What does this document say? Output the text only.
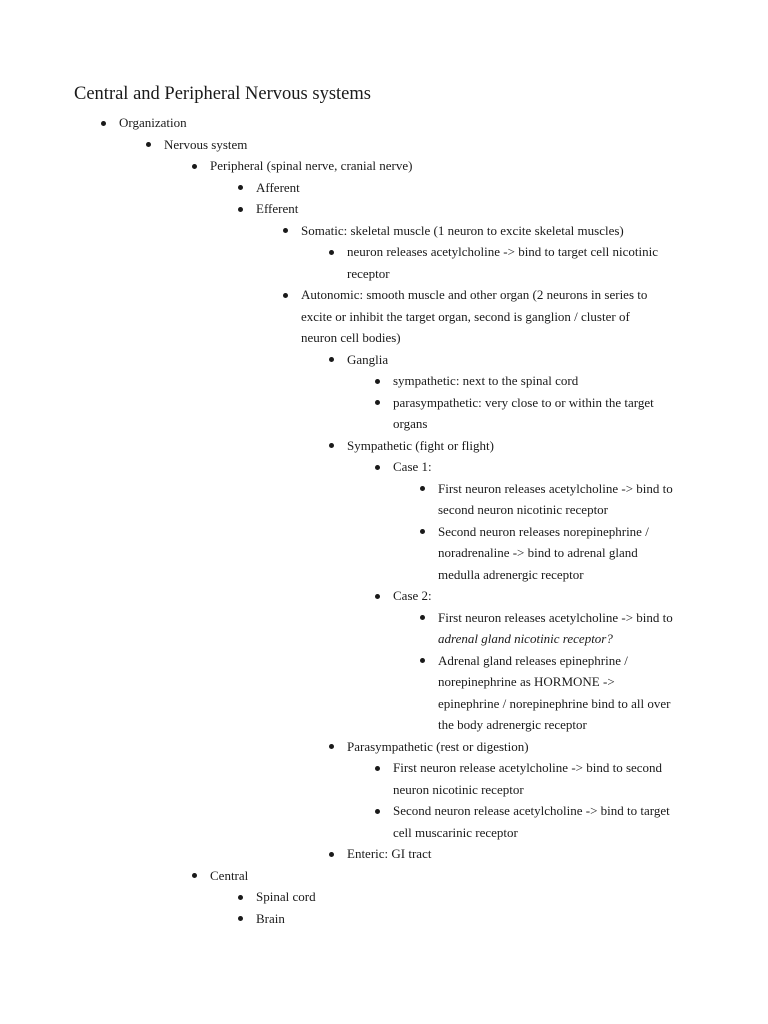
Central and Peripheral Nervous systems
Organization
Nervous system
Peripheral (spinal nerve, cranial nerve)
Afferent
Efferent
Somatic: skeletal muscle (1 neuron to excite skeletal muscles)
neuron releases acetylcholine -> bind to target cell nicotinic
receptor
Autonomic: smooth muscle and other organ (2 neurons in series to
excite or inhibit the target organ, second is ganglion / cluster of
neuron cell bodies)
Ganglia
sympathetic: next to the spinal cord
parasympathetic: very close to or within the target
organs
Sympathetic (fight or flight)
Case 1:
First neuron releases acetylcholine -> bind to
second neuron nicotinic receptor
Second neuron releases norepinephrine /
noradrenaline -> bind to adrenal gland
medulla adrenergic receptor
Case 2:
First neuron releases acetylcholine -> bind to
adrenal gland nicotinic receptor?
Adrenal gland releases epinephrine /
norepinephrine as HORMONE ->
epinephrine / norepinephrine bind to all over
the body adrenergic receptor
Parasympathetic (rest or digestion)
First neuron release acetylcholine -> bind to second
neuron nicotinic receptor
Second neuron release acetylcholine -> bind to target
cell muscarinic receptor
Enteric: GI tract
Central
Spinal cord
Brain
